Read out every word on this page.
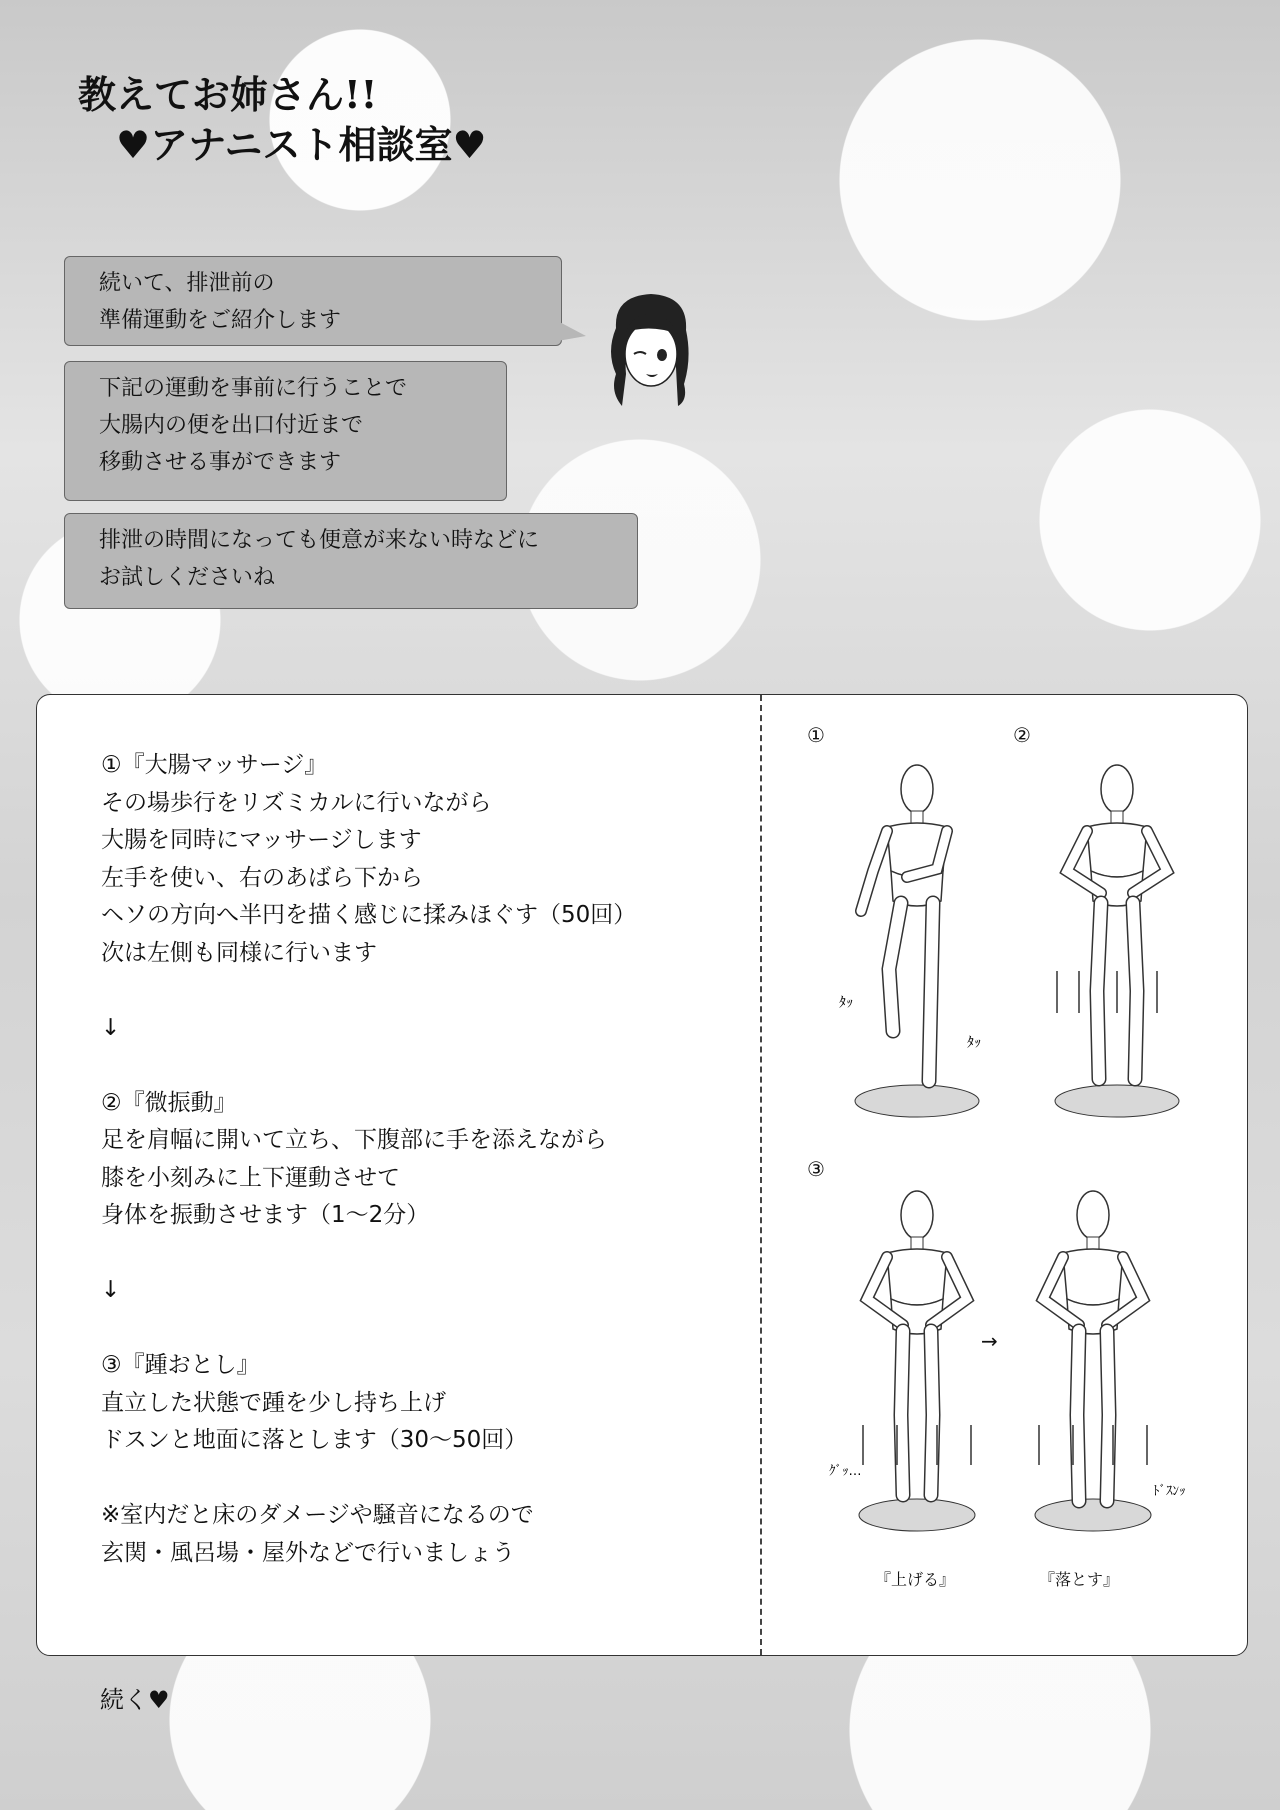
教えてお姉さん!!
♥アナニスト相談室♥
続いて、排泄前の
準備運動をご紹介します
下記の運動を事前に行うことで
大腸内の便を出口付近まで
移動させる事ができます
排泄の時間になっても便意が来ない時などに
お試しくださいね
①『大腸マッサージ』
その場歩行をリズミカルに行いながら
大腸を同時にマッサージします
左手を使い、右のあばら下から
ヘソの方向へ半円を描く感じに揉みほぐす（50回）
次は左側も同様に行います
↓
②『微振動』
足を肩幅に開いて立ち、下腹部に手を添えながら
膝を小刻みに上下運動させて
身体を振動させます（1～2分）
↓
③『踵おとし』
直立した状態で踵を少し持ち上げ
ドスンと地面に落とします（30～50回）
※室内だと床のダメージや騒音になるので
玄関・風呂場・屋外などで行いましょう
①	②
③
ﾀｯ
ﾀｯ
ｸﾞｯ…
→
ﾄﾞｽﾝｯ
『上げる』	『落とす』
続く♥
